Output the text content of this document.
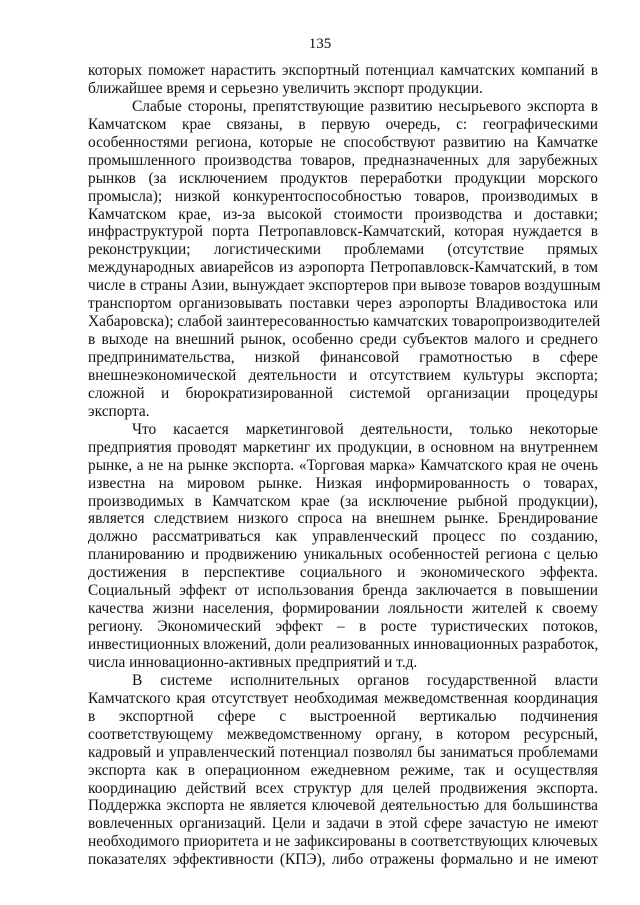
135
которых поможет нарастить экспортный потенциал камчатских компаний в
ближайшее время и серьезно увеличить экспорт продукции.
Слабые стороны, препятствующие развитию несырьевого экспорта в
Камчатском крае связаны, в первую очередь, с: географическими
особенностями региона, которые не способствуют развитию на Камчатке
промышленного производства товаров, предназначенных для зарубежных
рынков (за исключением продуктов переработки продукции морского
промысла); низкой конкурентоспособностью товаров, производимых в
Камчатском крае, из-за высокой стоимости производства и доставки;
инфраструктурой порта Петропавловск-Камчатский, которая нуждается в
реконструкции; логистическими проблемами (отсутствие прямых
международных авиарейсов из аэропорта Петропавловск-Камчатский, в том
числе в страны Азии, вынуждает экспортеров при вывозе товаров воздушным
транспортом организовывать поставки через аэропорты Владивостока или
Хабаровска); слабой заинтересованностью камчатских товаропроизводителей
в выходе на внешний рынок, особенно среди субъектов малого и среднего
предпринимательства, низкой финансовой грамотностью в сфере
внешнеэкономической деятельности и отсутствием культуры экспорта;
сложной и бюрократизированной системой организации процедуры
экспорта.
Что касается маркетинговой деятельности, только некоторые
предприятия проводят маркетинг их продукции, в основном на внутреннем
рынке, а не на рынке экспорта. «Торговая марка» Камчатского края не очень
известна на мировом рынке. Низкая информированность о товарах,
производимых в Камчатском крае (за исключение рыбной продукции),
является следствием низкого спроса на внешнем рынке. Брендирование
должно рассматриваться как управленческий процесс по созданию,
планированию и продвижению уникальных особенностей региона с целью
достижения в перспективе социального и экономического эффекта.
Социальный эффект от использования бренда заключается в повышении
качества жизни населения, формировании лояльности жителей к своему
региону. Экономический эффект – в росте туристических потоков,
инвестиционных вложений, доли реализованных инновационных разработок,
числа инновационно-активных предприятий и т.д.
В системе исполнительных органов государственной власти
Камчатского края отсутствует необходимая межведомственная координация
в экспортной сфере с выстроенной вертикалью подчинения
соответствующему межведомственному органу, в котором ресурсный,
кадровый и управленческий потенциал позволял бы заниматься проблемами
экспорта как в операционном ежедневном режиме, так и осуществляя
координацию действий всех структур для целей продвижения экспорта.
Поддержка экспорта не является ключевой деятельностью для большинства
вовлеченных организаций. Цели и задачи в этой сфере зачастую не имеют
необходимого приоритета и не зафиксированы в соответствующих ключевых
показателях эффективности (КПЭ), либо отражены формально и не имеют
